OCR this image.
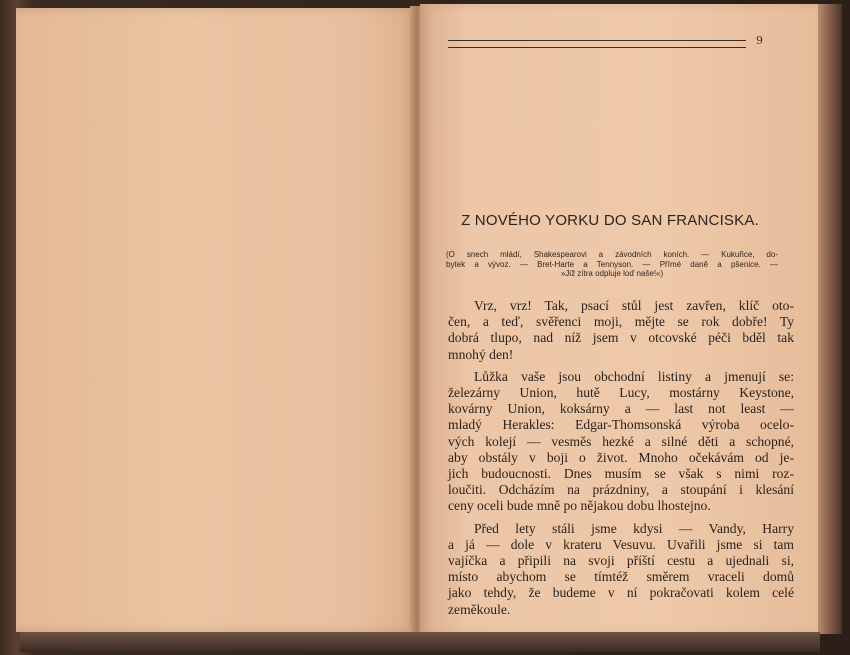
9
Z NOVÉHO YORKU DO SAN FRANCISKA.
(O snech mládí, Shakespearovi a závodních koních. — Kukuřice, do-
bytek a vývoz. — Bret-Harte a Tennyson. — Přímé daně a pšenice. —
»Již zítra odpluje loď naše!«)

Vrz, vrz! Tak, psací stůl jest zavřen, klíč oto-
čen, a teď, svěřenci moji, mějte se rok dobře! Ty
dobrá tlupo, nad níž jsem v otcovské péči bděl tak
mnohý den!

Lůžka vaše jsou obchodní listiny a jmenují se:
železárny Union, hutě Lucy, mostárny Keystone,
kovárny Union, koksárny a — last not least —
mladý Herakles: Edgar-Thomsonská výroba ocelo-
vých kolejí — vesměs hezké a silné děti a schopné,
aby obstály v boji o život. Mnoho očekávám od je-
jich budoucnosti. Dnes musím se však s nimi roz-
loučiti. Odcházím na prázdniny, a stoupání i klesání
ceny oceli bude mně po nějakou dobu lhostejno.

Před lety stáli jsme kdysi — Vandy, Harry
a já — dole v krateru Vesuvu. Uvařili jsme si tam
vajíčka a připili na svoji příští cestu a ujednali si,
místo abychom se tímtéž směrem vraceli domů
jako tehdy, že budeme v ní pokračovati kolem celé
zeměkoule.
